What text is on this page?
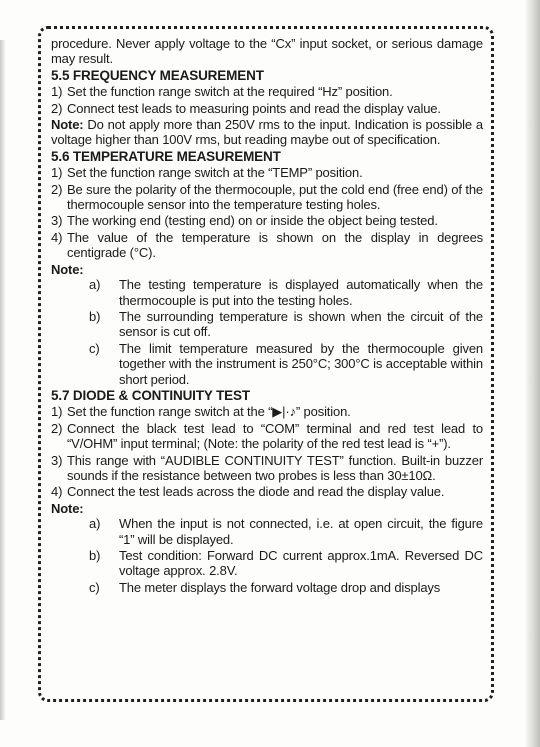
procedure. Never apply voltage to the “Cx” input socket, or serious damage may result.

5.5 FREQUENCY MEASUREMENT
1) Set the function range switch at the required “Hz” position.
2) Connect test leads to measuring points and read the display value.

Note: Do not apply more than 250V rms to the input. Indication is possible a voltage higher than 100V rms, but reading maybe out of specification.

5.6 TEMPERATURE MEASUREMENT
1) Set the function range switch at the “TEMP” position.
2) Be sure the polarity of the thermocouple, put the cold end (free end) of the thermocouple sensor into the temperature testing holes.
3) The working end (testing end) on or inside the object being tested.
4) The value of the temperature is shown on the display in degrees centigrade (°C).
Note:
a)	The testing temperature is displayed automatically when the thermocouple is put into the testing holes.
b)	The surrounding temperature is shown when the circuit of the sensor is cut off.
c)	The limit temperature measured by the thermocouple given together with the instrument is 250°C; 300°C is acceptable within short period.
5.7 DIODE & CONTINUITY TEST
1) Set the function range switch at the “▶|·♪” position.
2) Connect the black test lead to “COM” terminal and red test lead to “V/OHM” input terminal; (Note: the polarity of the red test lead is “+”).
3) This range with “AUDIBLE CONTINUITY TEST” function. Built-in buzzer sounds if the resistance between two probes is less than 30±10Ω.
4) Connect the test leads across the diode and read the display value.
Note:
a)	When the input is not connected, i.e. at open circuit, the figure “1” will be displayed.
b)	Test condition: Forward DC current approx.1mA. Reversed DC voltage approx. 2.8V.
c)	The meter displays the forward voltage drop and displays
